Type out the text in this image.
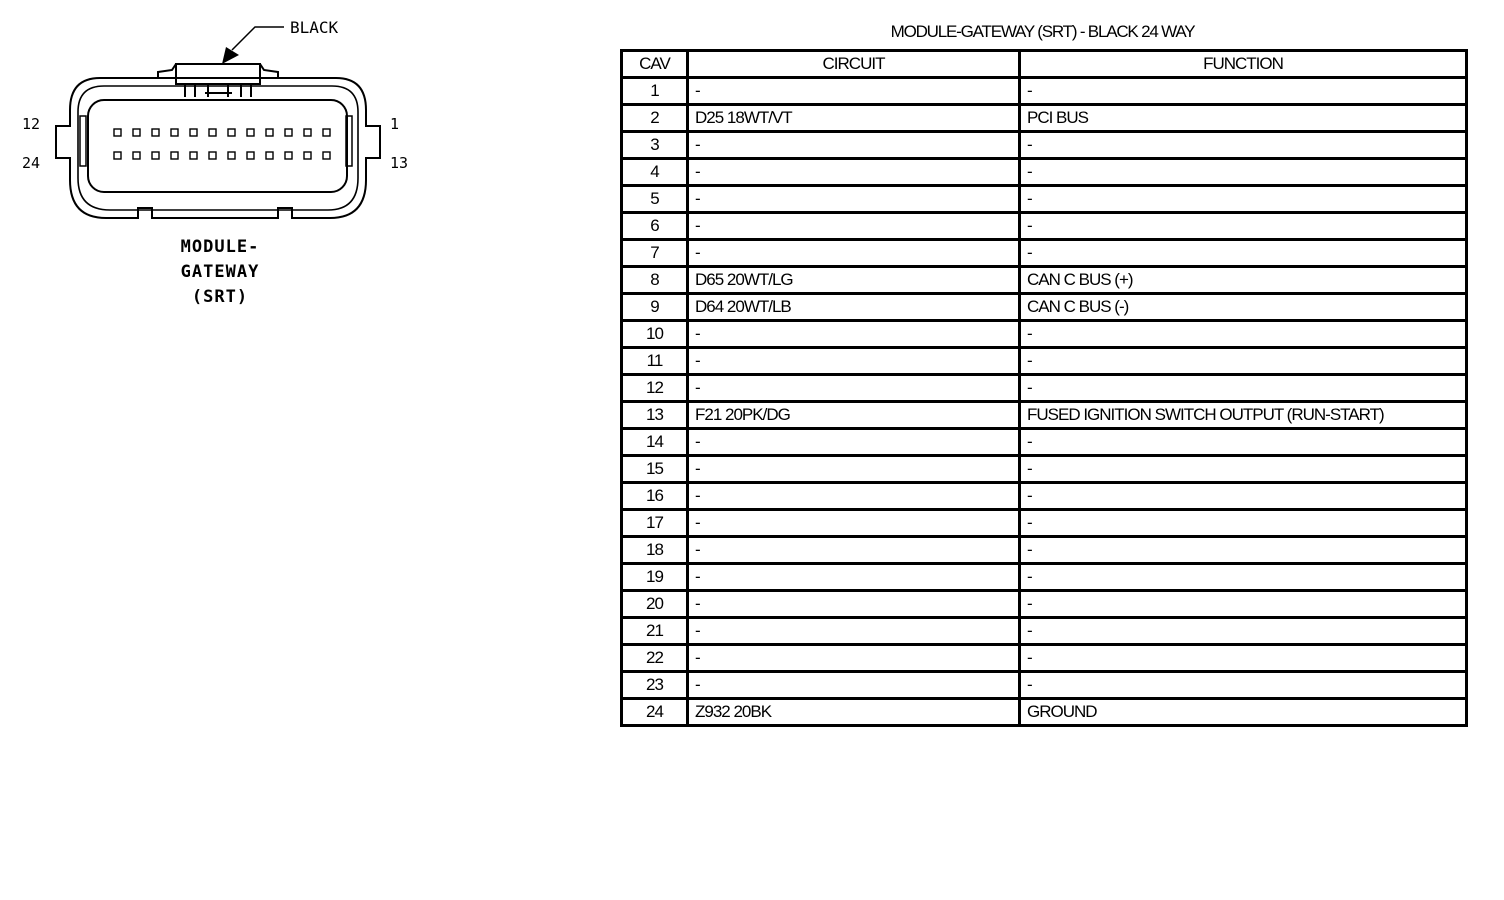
BLACK
12
24
1
13
MODULE-
GATEWAY
(SRT)
MODULE-GATEWAY (SRT) - BLACK 24 WAY
CAV	CIRCUIT	FUNCTION
1	-	-
2	D25 18WT/VT	PCI BUS
3	-	-
4	-	-
5	-	-
6	-	-
7	-	-
8	D65 20WT/LG	CAN C BUS (+)
9	D64 20WT/LB	CAN C BUS (-)
10	-	-
11	-	-
12	-	-
13	F21 20PK/DG	FUSED IGNITION SWITCH OUTPUT (RUN-START)
14	-	-
15	-	-
16	-	-
17	-	-
18	-	-
19	-	-
20	-	-
21	-	-
22	-	-
23	-	-
24	Z932 20BK	GROUND
